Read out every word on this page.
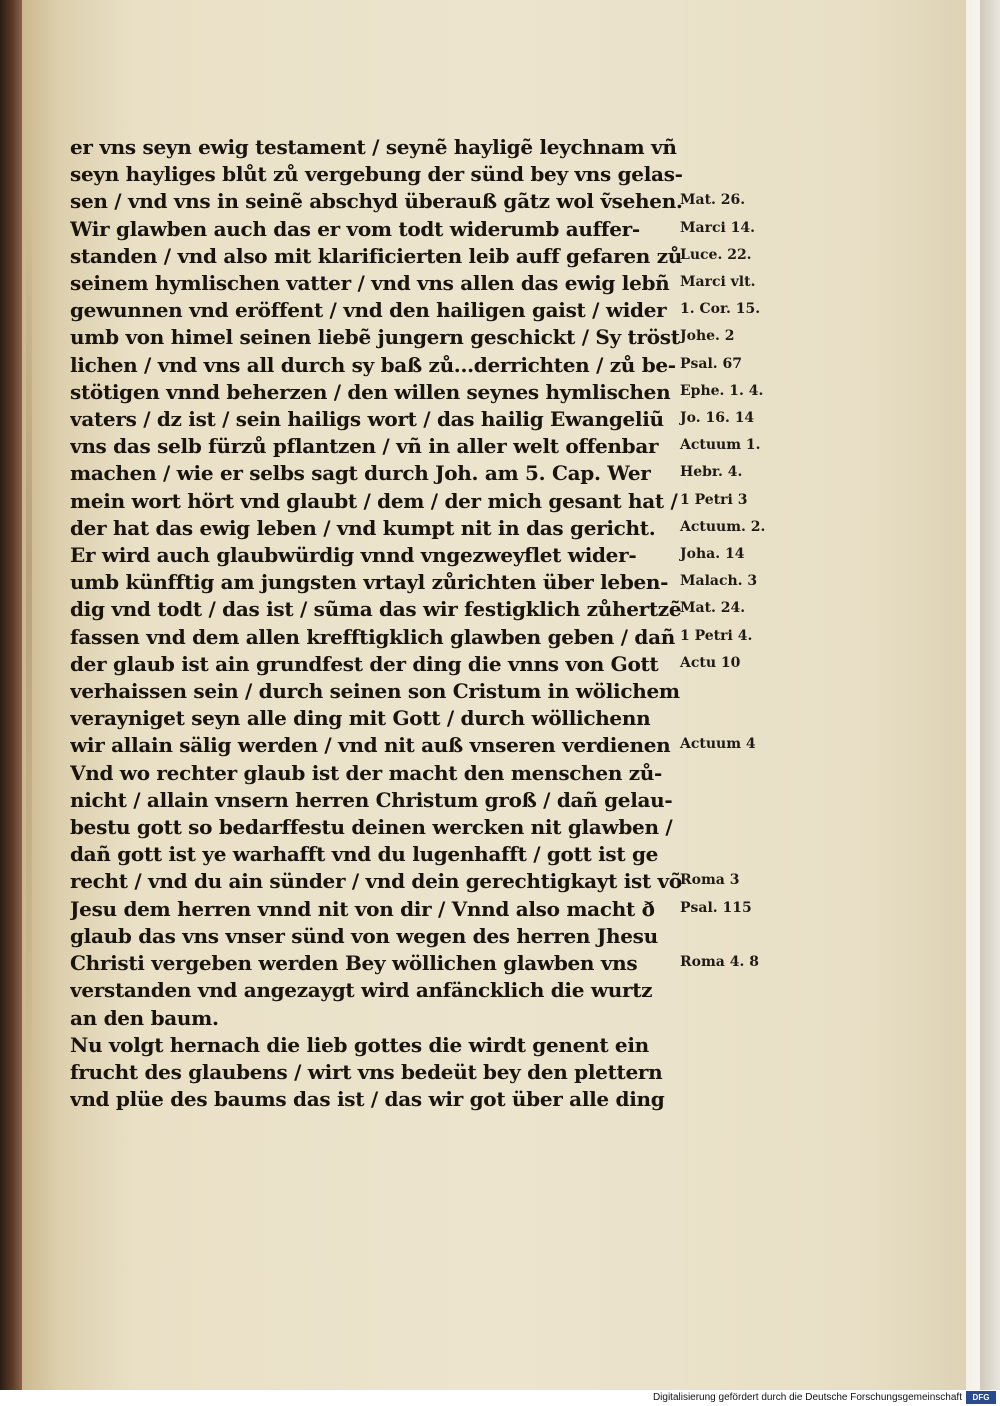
er vns seyn ewig testament / seynẽ hayligẽ leychnam vñ
seyn hayliges blůt zů vergebung der sünd bey vns gelas-
sen / vnd vns in seinẽ abschyd überauß gãtz wol ṽsehen.
Wir glawben auch das er vom todt widerumb auffer-
standen / vnd also mit klarificierten leib auff gefaren zů
seinem hymlischen vatter / vnd vns allen das ewig lebñ
gewunnen vnd eröffent / vnd den hailigen gaist / wider
umb von himel seinen liebẽ jungern geschickt / Sy tröst
lichen / vnd vns all durch sy baß zů...derrichten / zů be-
stötigen vnnd beherzen / den willen seynes hymlischen
vaters / dz ist / sein hailigs wort / das hailig Ewangeliũ
vns das selb fürzů pflantzen / vñ in aller welt offenbar
machen / wie er selbs sagt durch Joh. am 5. Cap. Wer
mein wort hört vnd glaubt / dem / der mich gesant hat /
der hat das ewig leben / vnd kumpt nit in das gericht.
Er wird auch glaubwürdig vnnd vngezweyflet wider-
umb künfftig am jungsten vrtayl zůrichten über leben-
dig vnd todt / das ist / sũma das wir festigklich zůhertzẽ
fassen vnd dem allen krefftigklich glawben geben / dañ
der glaub ist ain grundfest der ding die vnns von Gott
verhaissen sein / durch seinen son Cristum in wölichem
verayniget seyn alle ding mit Gott / durch wöllichenn
wir allain sälig werden / vnd nit auß vnseren verdienen
Vnd wo rechter glaub ist der macht den menschen zů-
nicht / allain vnsern herren Christum groß / dañ gelau-
bestu gott so bedarffestu deinen wercken nit glawben /
dañ gott ist ye warhafft vnd du lugenhafft / gott ist ge
recht / vnd du ain sünder / vnd dein gerechtigkayt ist võ
Jesu dem herren vnnd nit von dir / Vnnd also macht ð
glaub das vns vnser sünd von wegen des herren Jhesu
Christi vergeben werden Bey wöllichen glawben vns
verstanden vnd angezaygt wird anfäncklich die wurtz
an den baum.
Nu volgt hernach die lieb gottes die wirdt genent ein
frucht des glaubens / wirt vns bedeüt bey den plettern
vnd plüe des baums das ist / das wir got über alle ding
Mat. 26.
Marci 14.
Luce. 22.
Marci vlt.
1. Cor. 15.
Johe. 2
Psal. 67
Ephe. 1. 4.
Jo. 16. 14
Actuum 1.
Hebr. 4.
1 Petri 3
Actuum. 2.
Joha. 14
Malach. 3
Mat. 24.
1 Petri 4.
Actu 10
Actuum 4
Roma 3
Psal. 115
Roma 4. 8
Digitalisierung gefördert durch die Deutsche Forschungsgemeinschaft	DFG
